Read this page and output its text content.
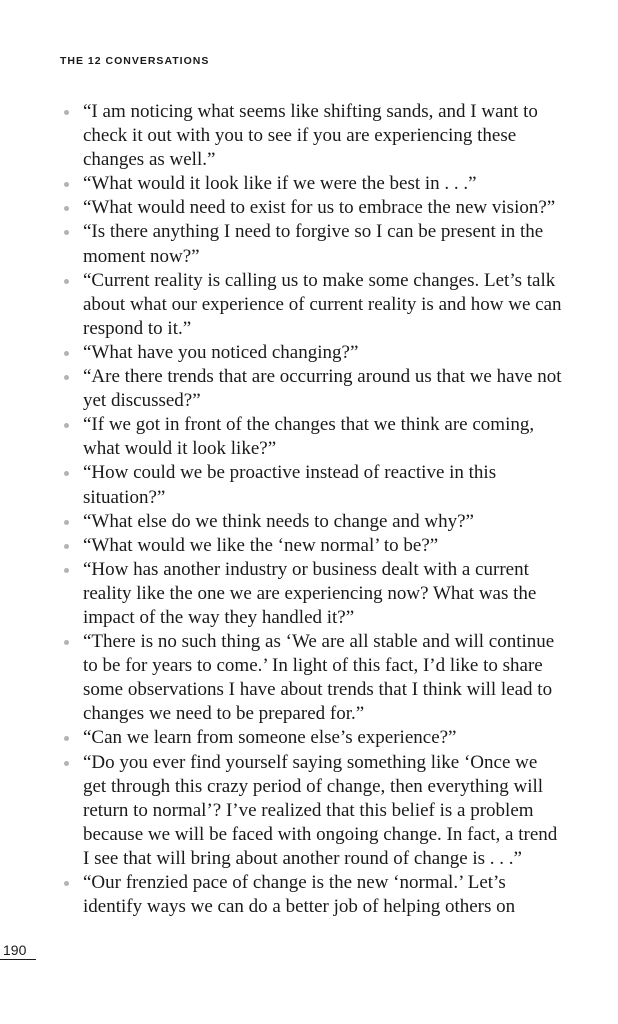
THE 12 CONVERSATIONS
“I am noticing what seems like shifting sands, and I want to check it out with you to see if you are experiencing these changes as well.”
“What would it look like if we were the best in . . .”
“What would need to exist for us to embrace the new vision?”
“Is there anything I need to forgive so I can be present in the moment now?”
“Current reality is calling us to make some changes. Let’s talk about what our experience of current reality is and how we can respond to it.”
“What have you noticed changing?”
“Are there trends that are occurring around us that we have not yet discussed?”
“If we got in front of the changes that we think are coming, what would it look like?”
“How could we be proactive instead of reactive in this situation?”
“What else do we think needs to change and why?”
“What would we like the ‘new normal’ to be?”
“How has another industry or business dealt with a current reality like the one we are experiencing now? What was the impact of the way they handled it?”
“There is no such thing as ‘We are all stable and will continue to be for years to come.’ In light of this fact, I’d like to share some observations I have about trends that I think will lead to changes we need to be prepared for.”
“Can we learn from someone else’s experience?”
“Do you ever find yourself saying something like ‘Once we get through this crazy period of change, then everything will return to normal’? I’ve realized that this belief is a problem because we will be faced with ongoing change. In fact, a trend I see that will bring about another round of change is . . .”
“Our frenzied pace of change is the new ‘normal.’ Let’s identify ways we can do a better job of helping others on
190
